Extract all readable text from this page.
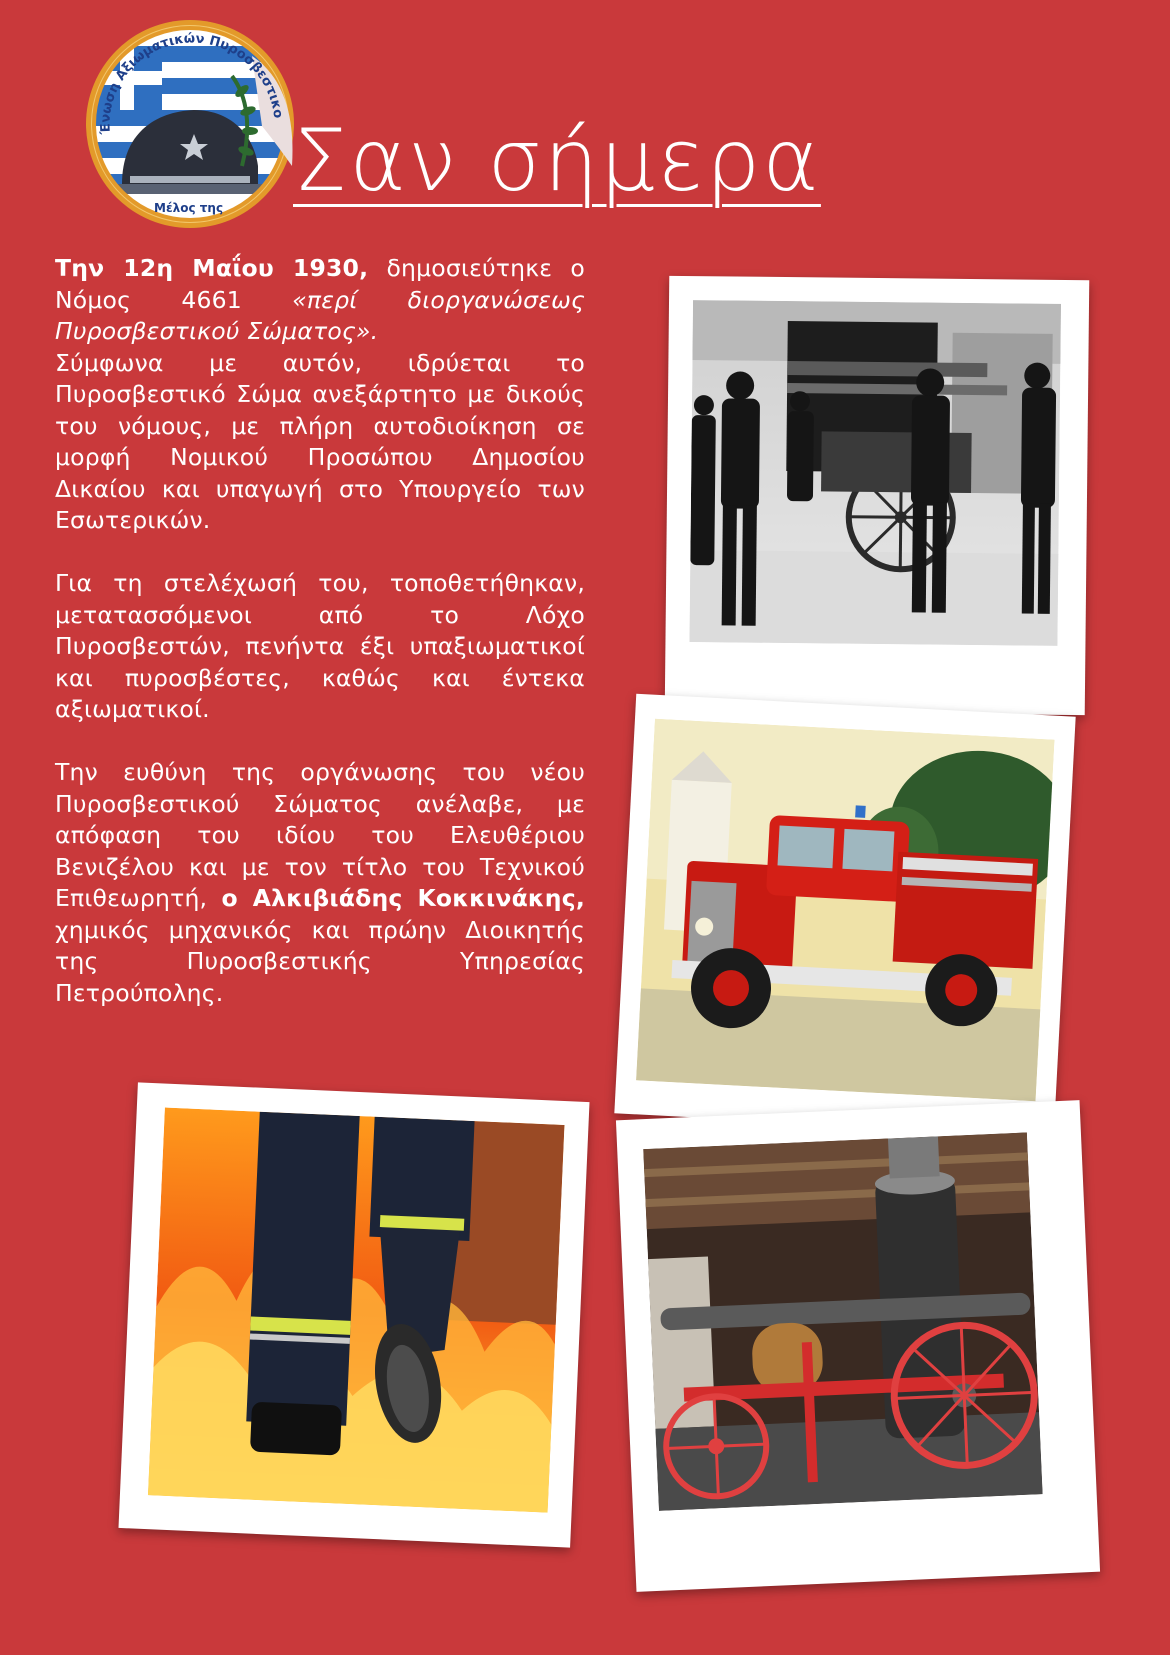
Ένωση Αξιωματικών Πυροσβεστικο
Μέλος της Σαν σήμερα

Την 12η Μαΐου 1930, δημοσιεύτηκε ο Νόμος 4661 «περί διοργανώσεως Πυροσβεστικού Σώματος».
Σύμφωνα με αυτόν, ιδρύεται το Πυροσβεστικό Σώμα ανεξάρτητο με δικούς του νόμους, με πλήρη αυτοδιοίκηση σε μορφή Νομικού Προσώπου Δημοσίου Δικαίου και υπαγωγή στο Υπουργείο των Εσωτερικών.

Για τη στελέχωσή του, τοποθετήθηκαν, μετατασσόμενοι από το Λόχο Πυροσβεστών, πενήντα έξι υπαξιωματικοί και πυροσβέστες, καθώς και έντεκα αξιωματικοί.

Την ευθύνη της οργάνωσης του νέου Πυροσβεστικού Σώματος ανέλαβε, με απόφαση του ιδίου του Ελευθέριου Βενιζέλου και με τον τίτλο του Τεχνικού Επιθεωρητή, ο Αλκιβιάδης Κοκκινάκης, χημικός μηχανικός και πρώην Διοικητής της Πυροσβεστικής Υπηρεσίας Πετρούπολης.
